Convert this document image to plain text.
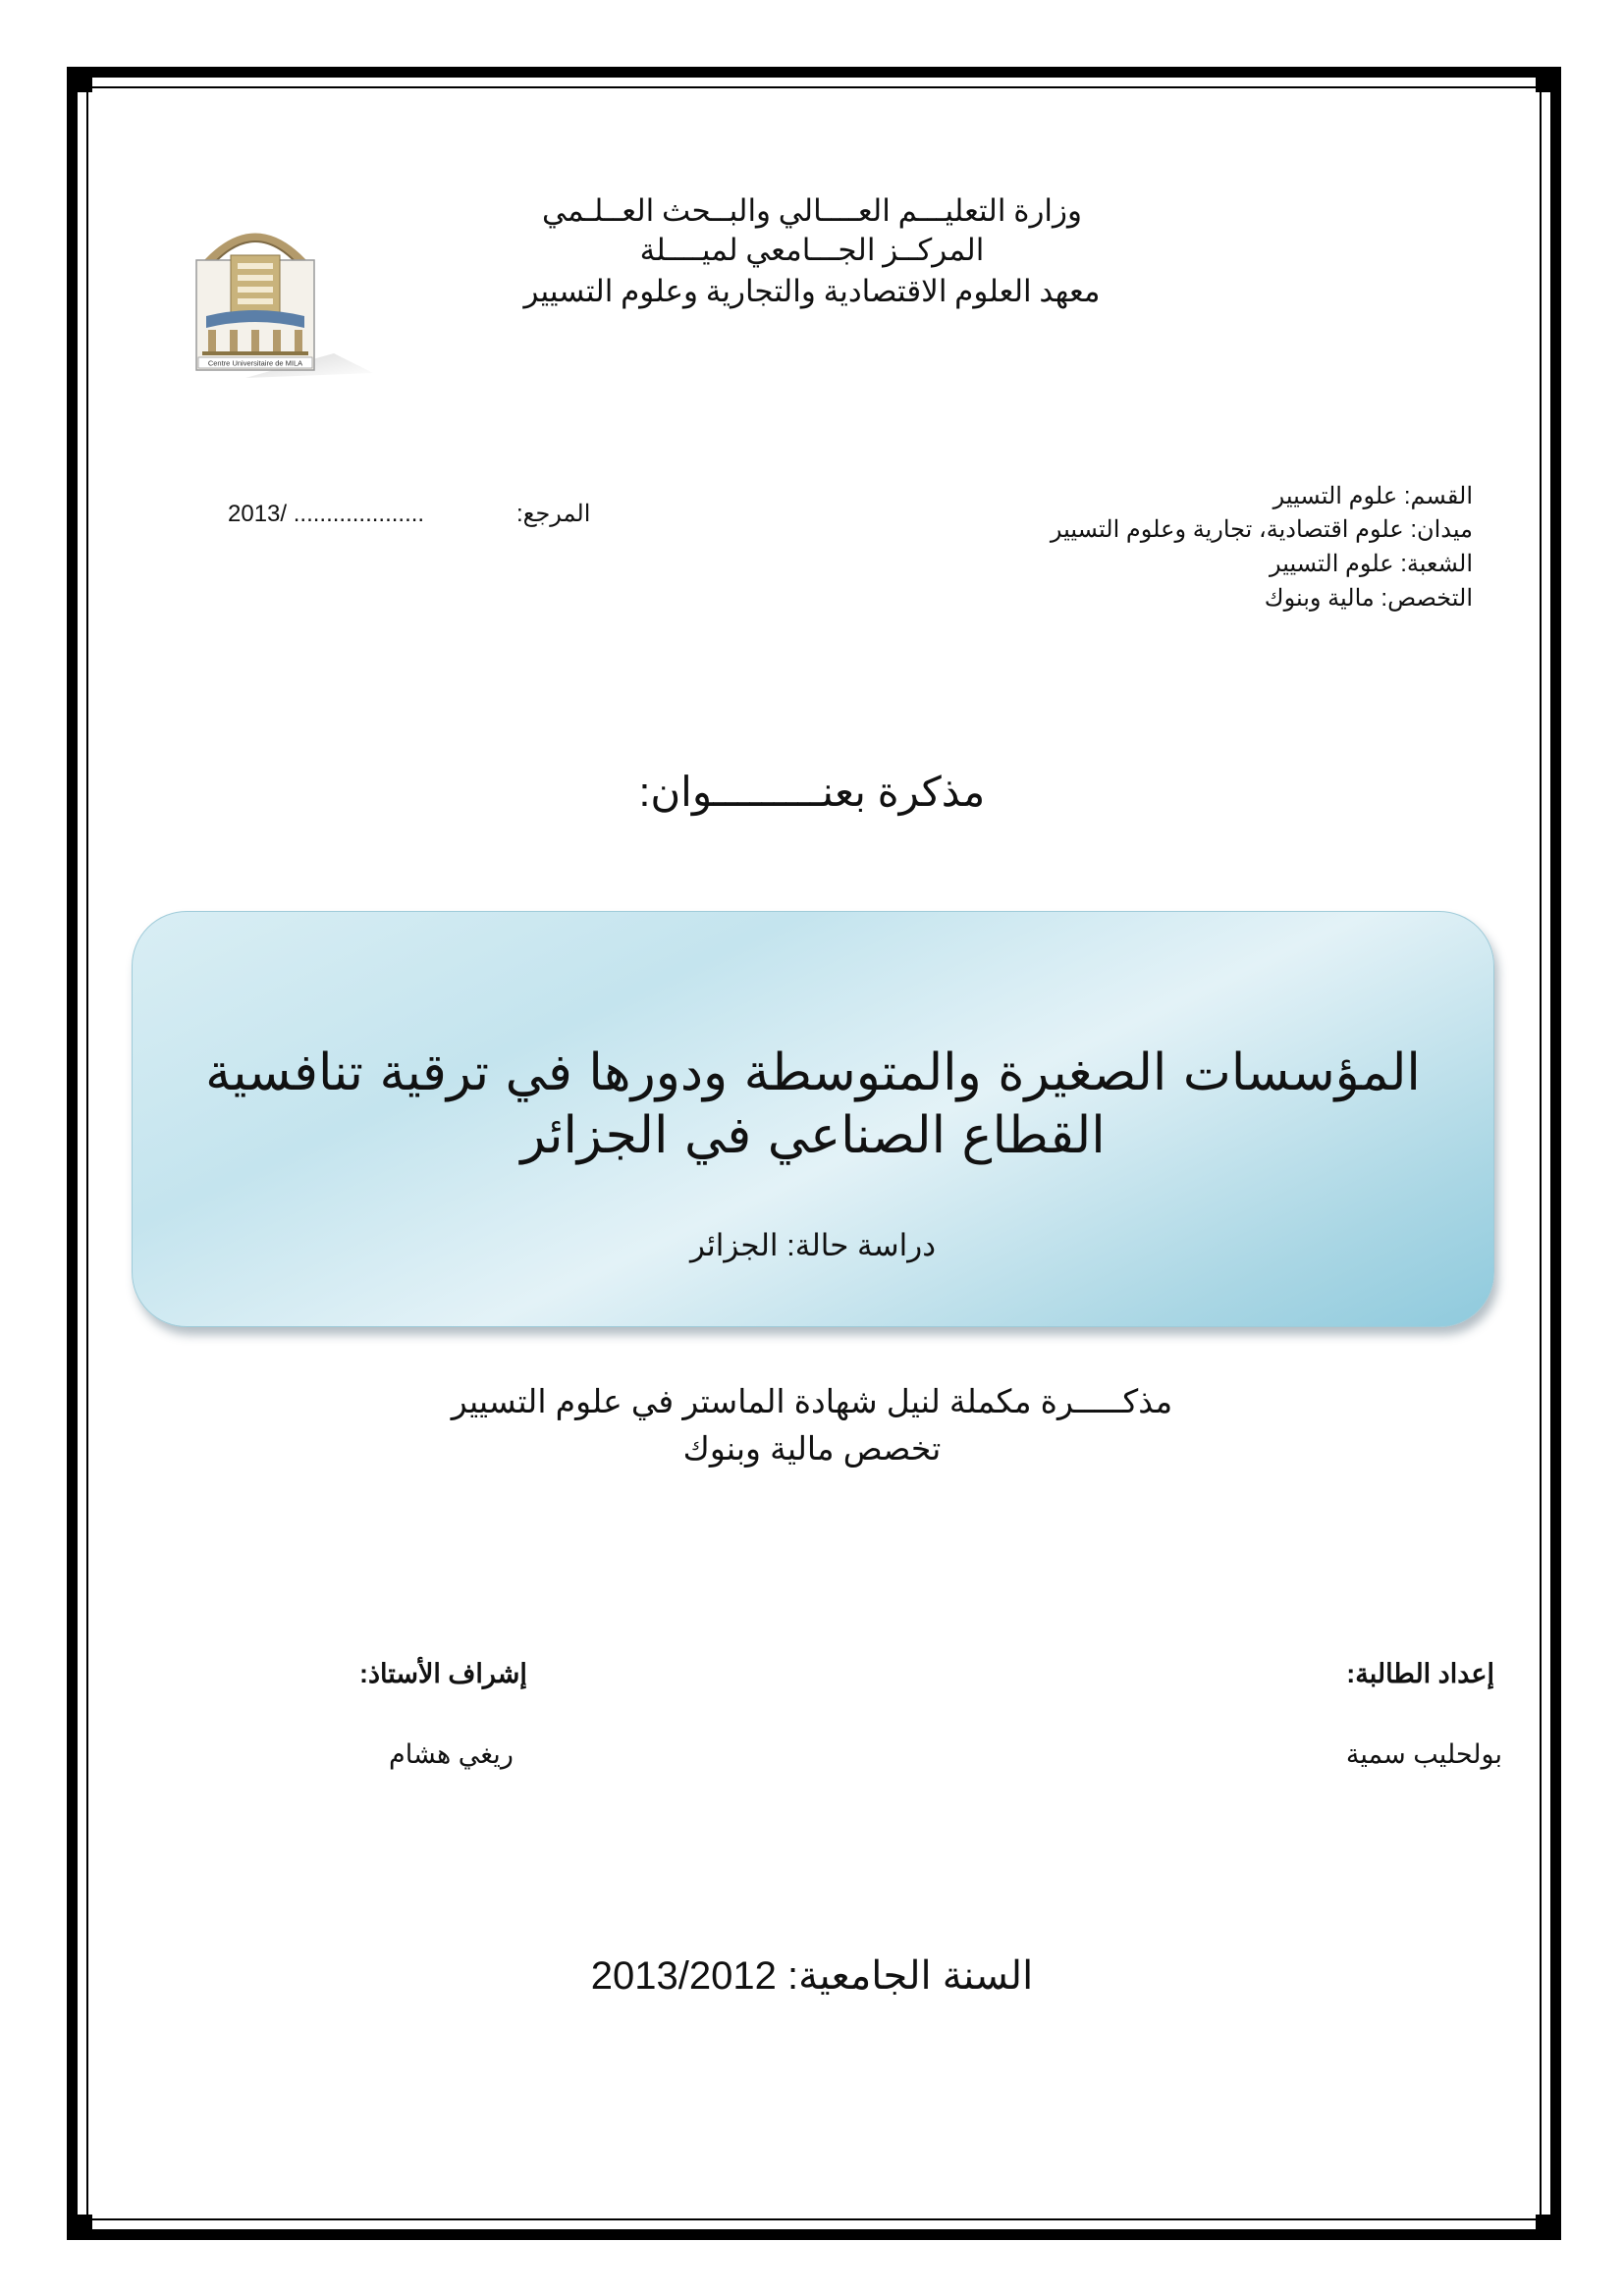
Centre Universitaire de MILA
وزارة التعليـــم العــــالي والبــحث العــلـمي
المركــز الجـــامعي لميــــلة
معهد العلوم الاقتصادية والتجارية وعلوم التسيير
القسم: علوم التسيير
ميدان: علوم اقتصادية، تجارية وعلوم التسيير
الشعبة: علوم التسيير
التخصص: مالية وبنوك
المرجع:
2013/ ....................
مذكرة بعنـــــــــوان:
المؤسسات الصغيرة والمتوسطة ودورها في ترقية تنافسية
القطاع الصناعي في الجزائر
دراسة حالة: الجزائر
مذكـــــرة مكملة لنيل شهادة الماستر في علوم التسيير
تخصص مالية وبنوك
إعداد الطالبة:
بولحليب سمية
إشراف الأستاذ:
ريغي هشام
السنة الجامعية: 2013/2012
